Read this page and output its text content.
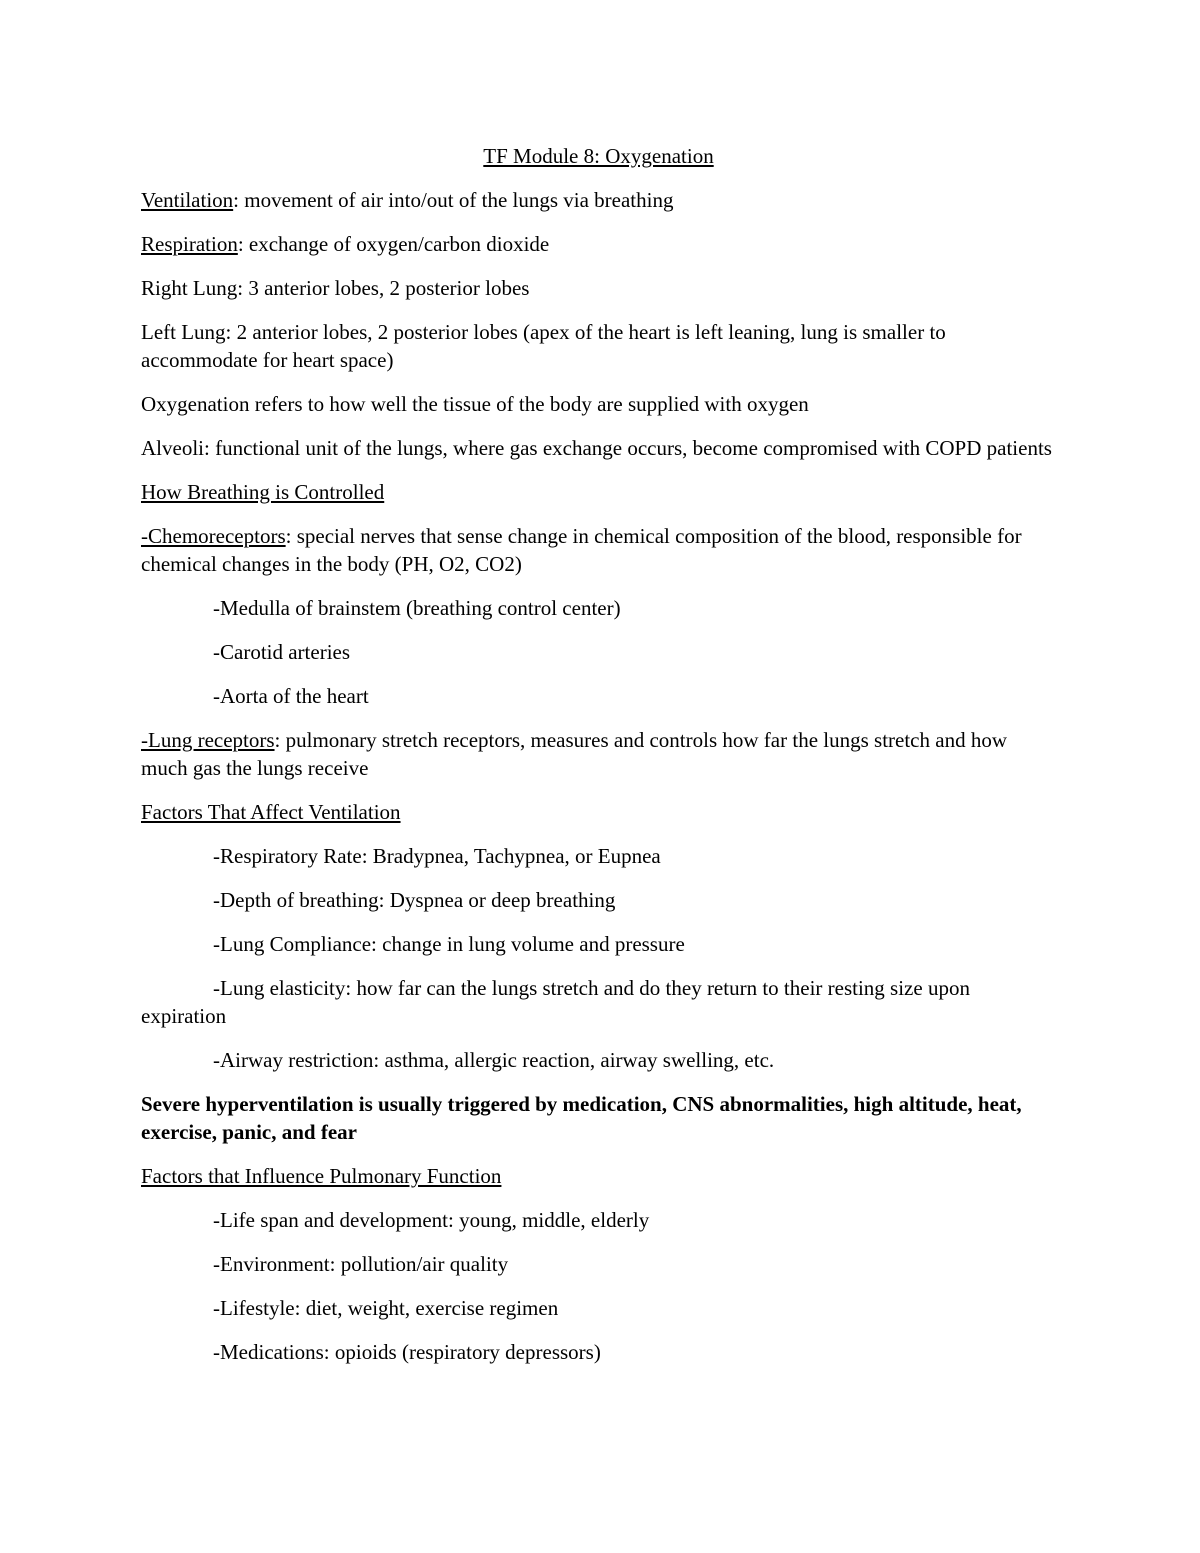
TF Module 8: Oxygenation

Ventilation: movement of air into/out of the lungs via breathing

Respiration: exchange of oxygen/carbon dioxide

Right Lung: 3 anterior lobes, 2 posterior lobes

Left Lung: 2 anterior lobes, 2 posterior lobes (apex of the heart is left leaning, lung is smaller to accommodate for heart space)

Oxygenation refers to how well the tissue of the body are supplied with oxygen

Alveoli: functional unit of the lungs, where gas exchange occurs, become compromised with COPD patients

How Breathing is Controlled

-Chemoreceptors: special nerves that sense change in chemical composition of the blood, responsible for chemical changes in the body (PH, O2, CO2)

-Medulla of brainstem (breathing control center)

-Carotid arteries

-Aorta of the heart

-Lung receptors: pulmonary stretch receptors, measures and controls how far the lungs stretch and how much gas the lungs receive

Factors That Affect Ventilation

-Respiratory Rate: Bradypnea, Tachypnea, or Eupnea

-Depth of breathing: Dyspnea or deep breathing

-Lung Compliance: change in lung volume and pressure

-Lung elasticity: how far can the lungs stretch and do they return to their resting size upon expiration

-Airway restriction: asthma, allergic reaction, airway swelling, etc.

Severe hyperventilation is usually triggered by medication, CNS abnormalities, high altitude, heat, exercise, panic, and fear

Factors that Influence Pulmonary Function

-Life span and development: young, middle, elderly

-Environment: pollution/air quality

-Lifestyle: diet, weight, exercise regimen

-Medications: opioids (respiratory depressors)
